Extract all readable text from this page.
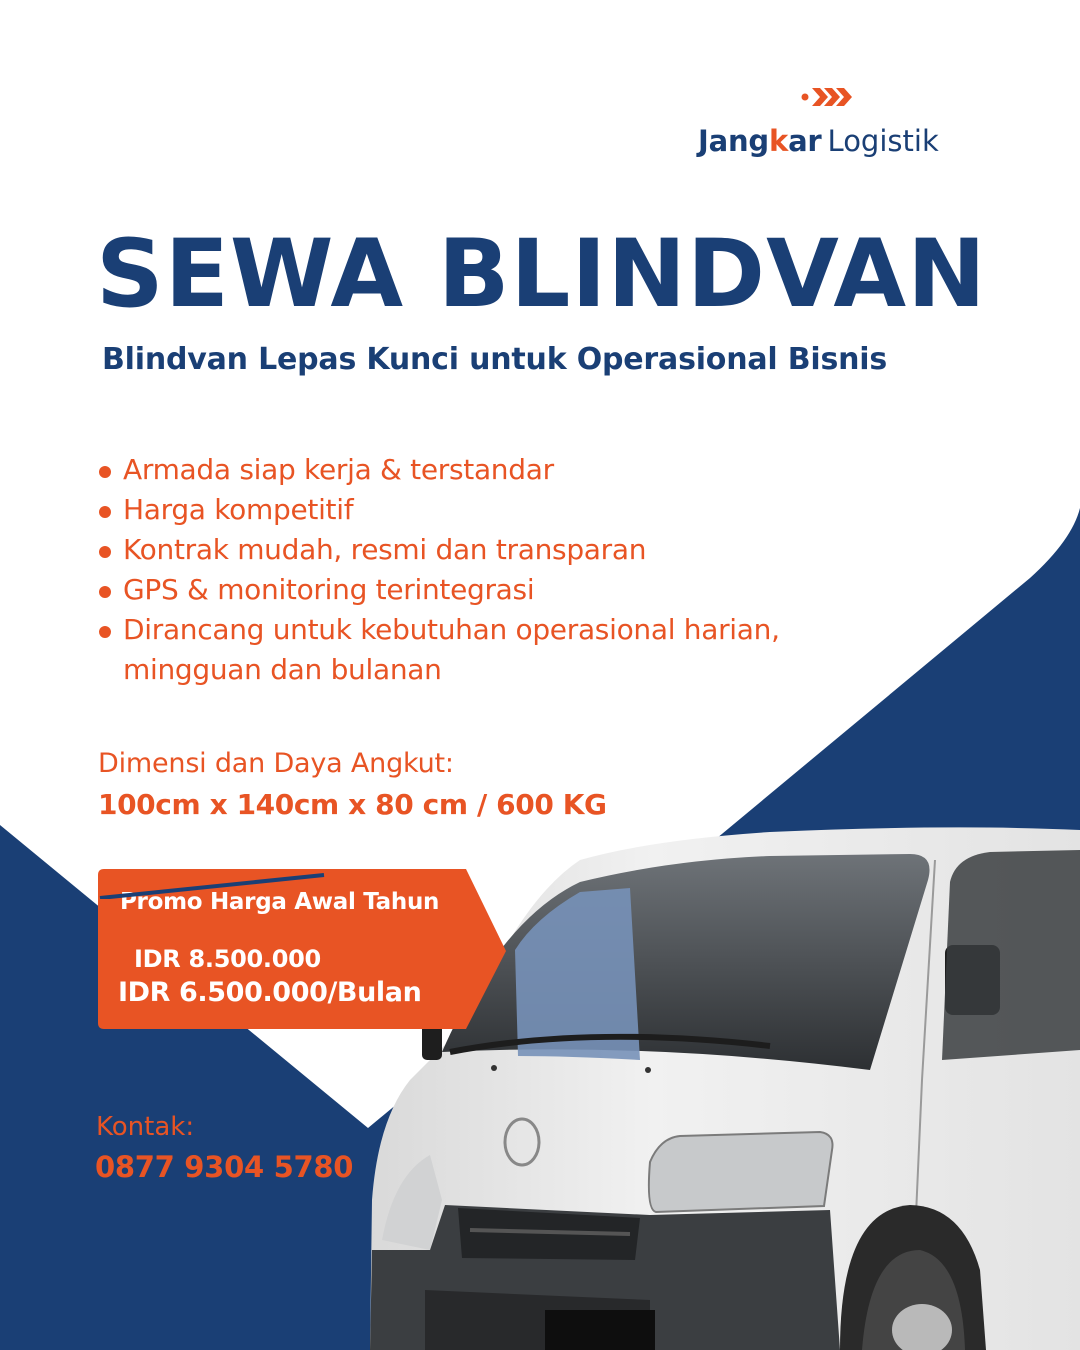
Jangkar Logistik
SEWA BLINDVAN
Blindvan Lepas Kunci untuk Operasional Bisnis
Armada siap kerja & terstandar
Harga kompetitif
Kontrak mudah, resmi dan transparan
GPS & monitoring terintegrasi
Dirancang untuk kebutuhan operasional harian, mingguan dan bulanan
Dimensi dan Daya Angkut:
100cm x 140cm x 80 cm / 600 KG
Promo Harga Awal Tahun
IDR 8.500.000
IDR 6.500.000/Bulan
Kontak:
0877 9304 5780
